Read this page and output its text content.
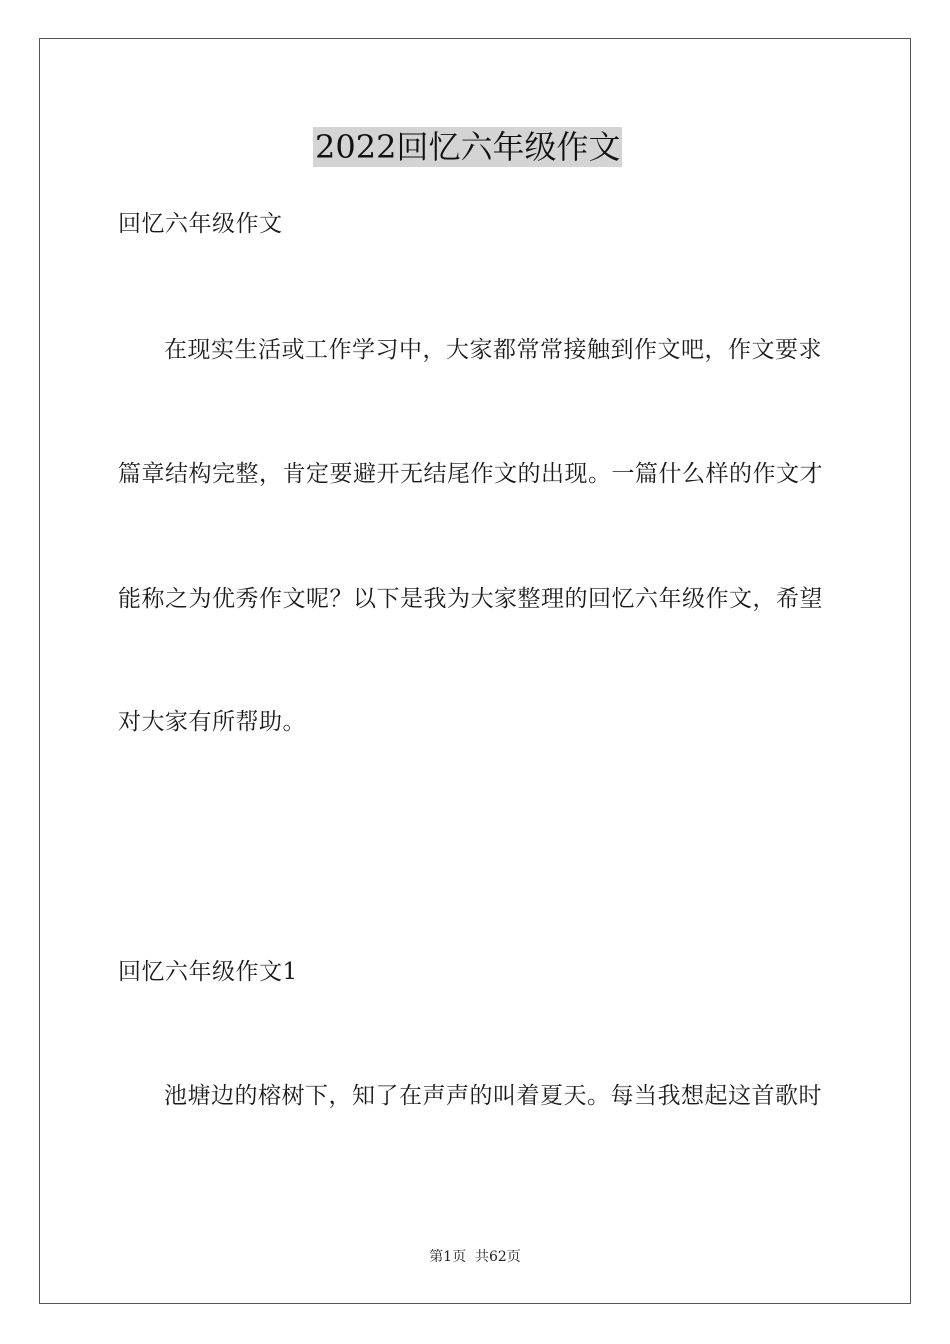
2022回忆六年级作文
回忆六年级作文
在现实生活或工作学习中，大家都常常接触到作文吧，作文要求
篇章结构完整，肯定要避开无结尾作文的出现。一篇什么样的作文才
能称之为优秀作文呢？以下是我为大家整理的回忆六年级作文，希望
对大家有所帮助。
回忆六年级作文1
池塘边的榕树下，知了在声声的叫着夏天。每当我想起这首歌时
第1页  共62页
